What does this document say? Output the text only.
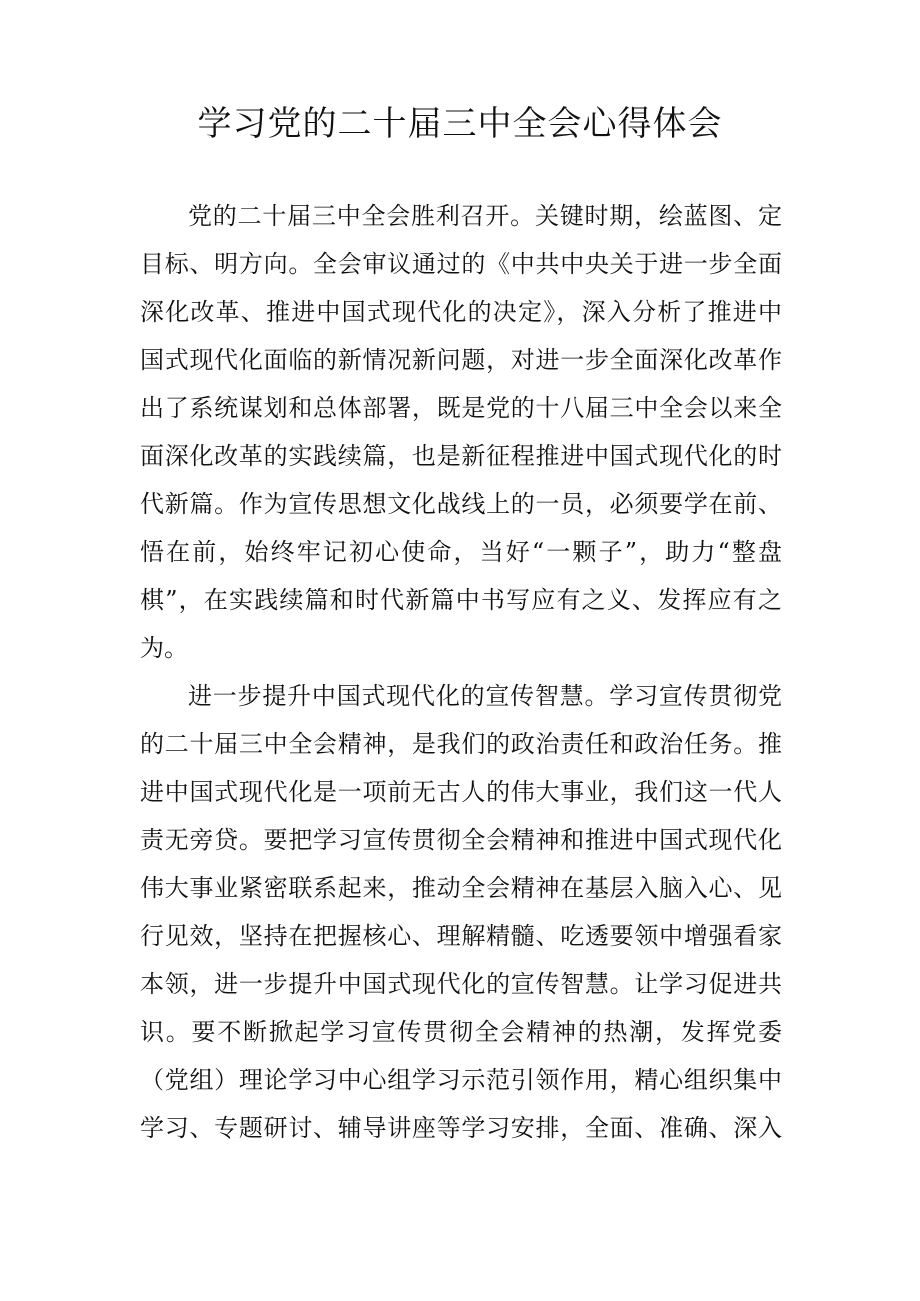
学习党的二十届三中全会心得体会

党的二十届三中全会胜利召开。关键时期，绘蓝图、定
目标、明方向。全会审议通过的《中共中央关于进一步全面
深化改革、推进中国式现代化的决定》，深入分析了推进中
国式现代化面临的新情况新问题，对进一步全面深化改革作
出了系统谋划和总体部署，既是党的十八届三中全会以来全
面深化改革的实践续篇，也是新征程推进中国式现代化的时
代新篇。作为宣传思想文化战线上的一员，必须要学在前、
悟在前，始终牢记初心使命，当好“一颗子”，助力“整盘
棋”，在实践续篇和时代新篇中书写应有之义、发挥应有之
为。

进一步提升中国式现代化的宣传智慧。学习宣传贯彻党
的二十届三中全会精神，是我们的政治责任和政治任务。推
进中国式现代化是一项前无古人的伟大事业，我们这一代人
责无旁贷。要把学习宣传贯彻全会精神和推进中国式现代化
伟大事业紧密联系起来，推动全会精神在基层入脑入心、见
行见效，坚持在把握核心、理解精髓、吃透要领中增强看家
本领，进一步提升中国式现代化的宣传智慧。让学习促进共
识。要不断掀起学习宣传贯彻全会精神的热潮，发挥党委
（党组）理论学习中心组学习示范引领作用，精心组织集中
学习、专题研讨、辅导讲座等学习安排，全面、准确、深入
